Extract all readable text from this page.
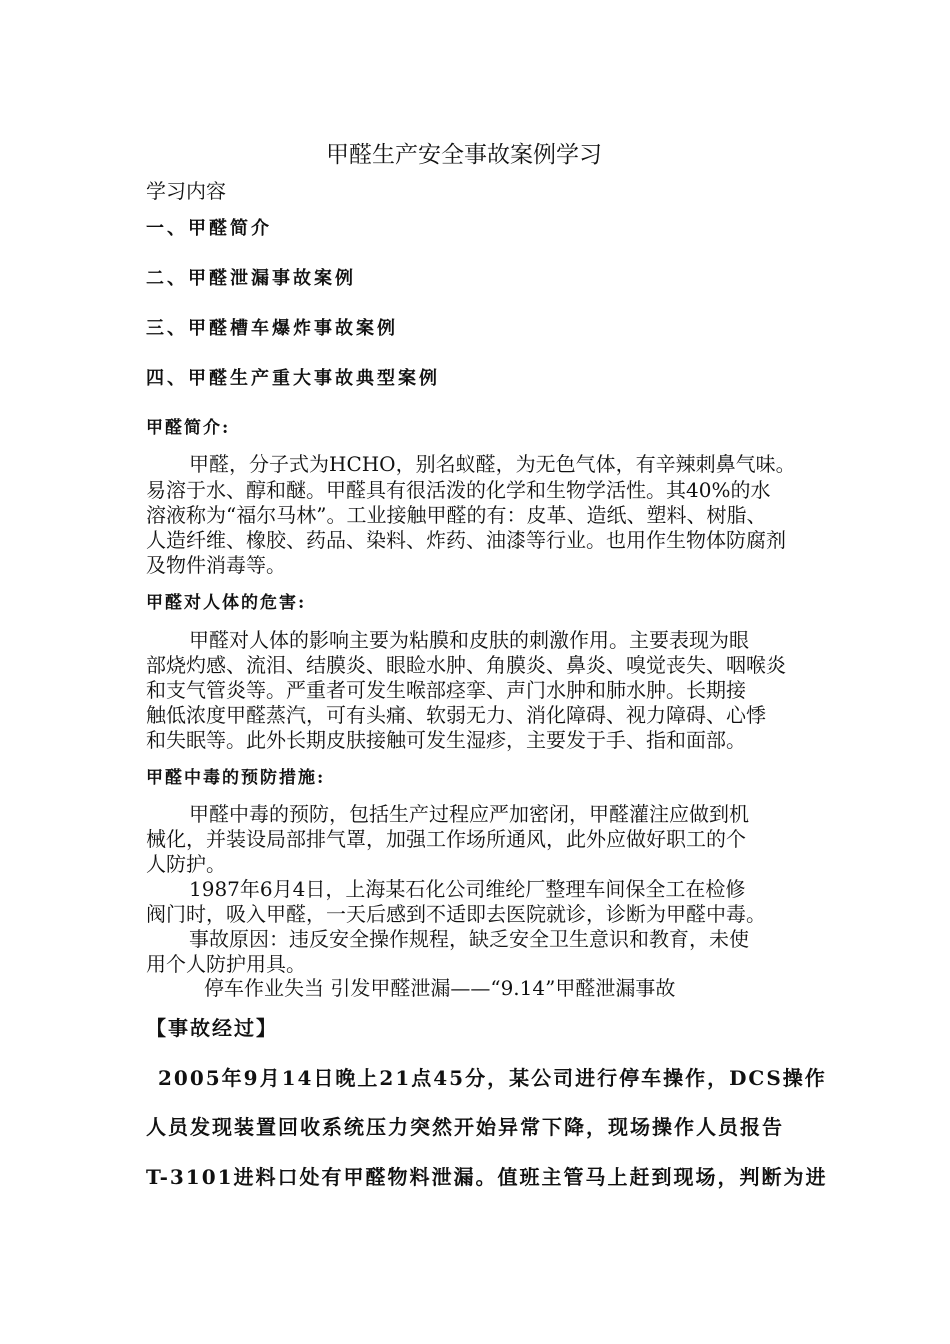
甲醛生产安全事故案例学习
学习内容
一、甲醛简介
二、甲醛泄漏事故案例
三、甲醛槽车爆炸事故案例
四、甲醛生产重大事故典型案例
甲醛简介:
甲醛，分子式为HCHO，别名蚁醛，为无色气体，有辛辣刺鼻气味。
易溶于水、醇和醚。甲醛具有很活泼的化学和生物学活性。其40%的水
溶液称为“福尔马林”。工业接触甲醛的有：皮革、造纸、塑料、树脂、
人造纤维、橡胶、药品、染料、炸药、油漆等行业。也用作生物体防腐剂
及物件消毒等。
甲醛对人体的危害:
甲醛对人体的影响主要为粘膜和皮肤的刺激作用。主要表现为眼
部烧灼感、流泪、结膜炎、眼睑水肿、角膜炎、鼻炎、嗅觉丧失、咽喉炎
和支气管炎等。严重者可发生喉部痉挛、声门水肿和肺水肿。长期接
触低浓度甲醛蒸汽，可有头痛、软弱无力、消化障碍、视力障碍、心悸
和失眠等。此外长期皮肤接触可发生湿疹，主要发于手、指和面部。
甲醛中毒的预防措施:
甲醛中毒的预防，包括生产过程应严加密闭，甲醛灌注应做到机
械化，并装设局部排气罩，加强工作场所通风，此外应做好职工的个
人防护。
1987年6月4日，上海某石化公司维纶厂整理车间保全工在检修
阀门时，吸入甲醛，一天后感到不适即去医院就诊，诊断为甲醛中毒。
事故原因：违反安全操作规程，缺乏安全卫生意识和教育，未使
用个人防护用具。
停车作业失当 引发甲醛泄漏——“9.14”甲醛泄漏事故
【事故经过】
2005年9月14日晚上21点45分，某公司进行停车操作，DCS操作
人员发现装置回收系统压力突然开始异常下降，现场操作人员报告
T-3101进料口处有甲醛物料泄漏。值班主管马上赶到现场，判断为进
